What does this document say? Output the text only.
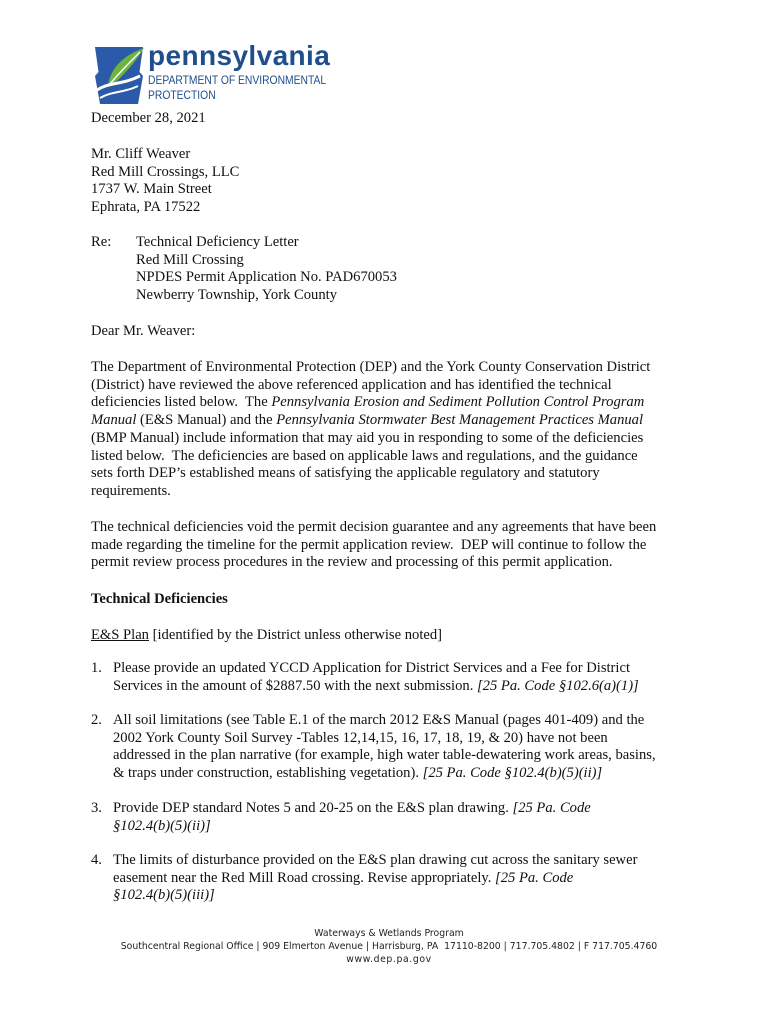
pennsylvania
DEPARTMENT OF ENVIRONMENTAL
PROTECTION
December 28, 2021
Mr. Cliff Weaver
Red Mill Crossings, LLC
1737 W. Main Street
Ephrata, PA 17522
Re:	Technical Deficiency Letter
Red Mill Crossing
NPDES Permit Application No. PAD670053
Newberry Township, York County
Dear Mr. Weaver:
The Department of Environmental Protection (DEP) and the York County Conservation District
(District) have reviewed the above referenced application and has identified the technical
deficiencies listed below.  The Pennsylvania Erosion and Sediment Pollution Control Program
Manual (E&S Manual) and the Pennsylvania Stormwater Best Management Practices Manual
(BMP Manual) include information that may aid you in responding to some of the deficiencies
listed below.  The deficiencies are based on applicable laws and regulations, and the guidance
sets forth DEP’s established means of satisfying the applicable regulatory and statutory
requirements.
The technical deficiencies void the permit decision guarantee and any agreements that have been
made regarding the timeline for the permit application review.  DEP will continue to follow the
permit review process procedures in the review and processing of this permit application.
Technical Deficiencies
E&S Plan [identified by the District unless otherwise noted]
1. Please provide an updated YCCD Application for District Services and a Fee for District
Services in the amount of $2887.50 with the next submission. [25 Pa. Code §102.6(a)(1)]
2. All soil limitations (see Table E.1 of the march 2012 E&S Manual (pages 401-409) and the
2002 York County Soil Survey -Tables 12,14,15, 16, 17, 18, 19, & 20) have not been
addressed in the plan narrative (for example, high water table-dewatering work areas, basins,
& traps under construction, establishing vegetation). [25 Pa. Code §102.4(b)(5)(ii)]
3. Provide DEP standard Notes 5 and 20-25 on the E&S plan drawing. [25 Pa. Code
§102.4(b)(5)(ii)]
4. The limits of disturbance provided on the E&S plan drawing cut across the sanitary sewer
easement near the Red Mill Road crossing. Revise appropriately. [25 Pa. Code
§102.4(b)(5)(iii)]
Waterways & Wetlands Program
Southcentral Regional Office | 909 Elmerton Avenue | Harrisburg, PA  17110-8200 | 717.705.4802 | F 717.705.4760
www.dep.pa.gov
